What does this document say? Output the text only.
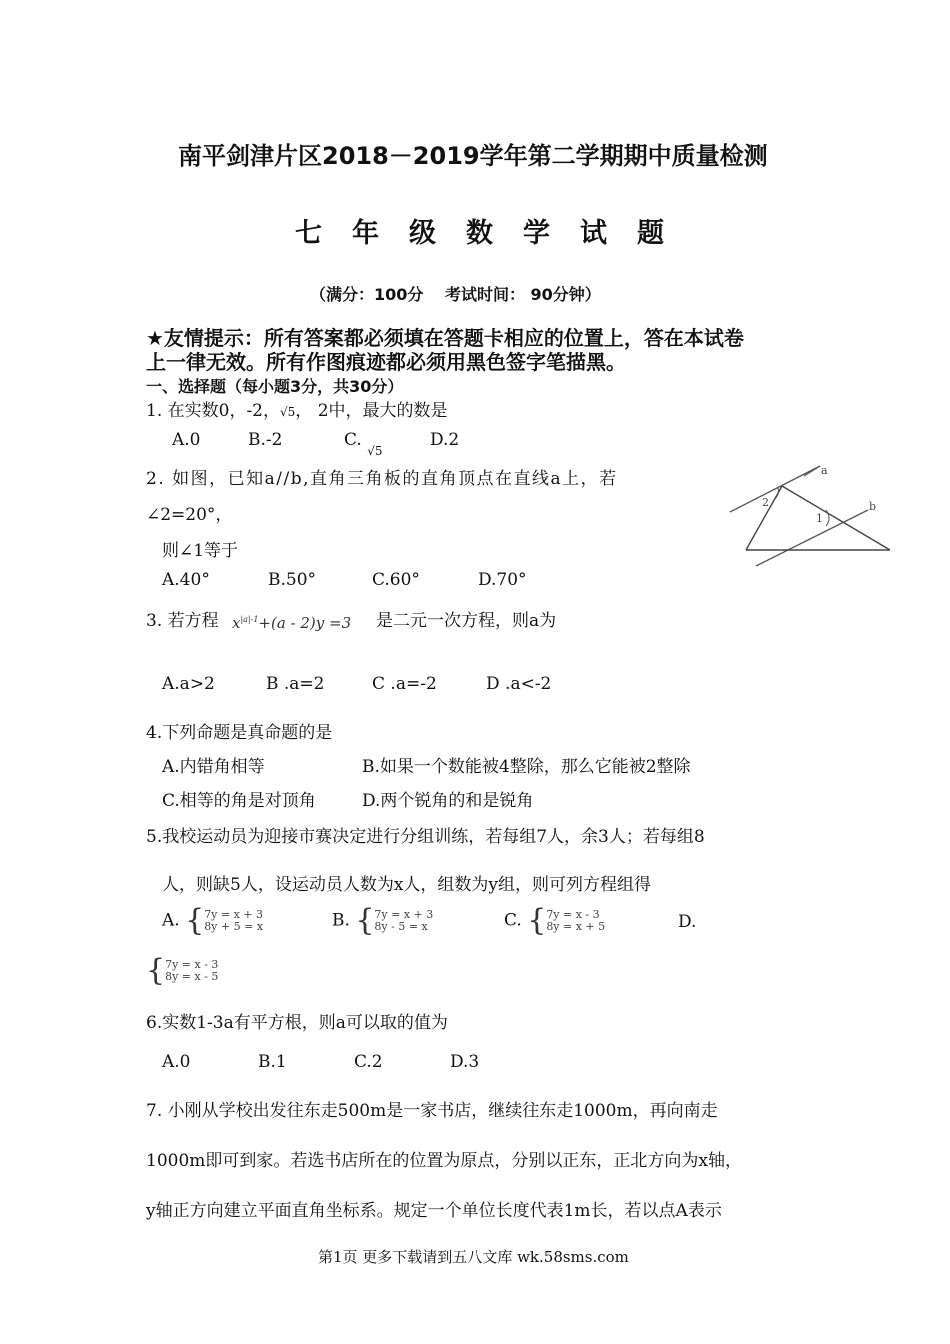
南平剑津片区2018－2019学年第二学期期中质量检测
七年级数学试题
（满分：100分　 考试时间： 90分钟）
★友情提示：所有答案都必须填在答题卡相应的位置上，答在本试卷
上一律无效。所有作图痕迹都必须用黑色签字笔描黑。
一、选择题（每小题3分，共30分）
1. 在实数0，-2，√5， 2中，最大的数是
A.0	B.-2	C. $_{√5}$
D.2
2. 如图，已知a//b,直角三角板的直角顶点在直线a上，若
∠2=20°，
则∠1等于
A.40°	B.50°	C.60°	D.70°
a
b
1
2
3. 若方程 $x^{|a|-1}+(a - 2)y =3$ 是二元一次方程，则a为
A.a>2	B .a=2	C .a=-2	D .a<-2
4.下列命题是真命题的是
A.内错角相等	B.如果一个数能被4整除，那么它能被2整除
C.相等的角是对顶角	D.两个锐角的和是锐角
5.我校运动员为迎接市赛决定进行分组训练，若每组7人，余3人；若每组8
人，则缺5人，设运动员人数为x人，组数为y组，则可列方程组得
A. { 7y = x + 3
8y + 5 = x	B. { 7y = x + 3
8y - 5 = x	C. { 7y = x - 3
8y = x + 5	D.
{ 7y = x - 3
8y = x - 5
6.实数1-3a有平方根，则a可以取的值为
A.0	B.1	C.2	D.3
7. 小刚从学校出发往东走500m是一家书店，继续往东走1000m，再向南走
1000m即可到家。若选书店所在的位置为原点，分别以正东，正北方向为x轴，
y轴正方向建立平面直角坐标系。规定一个单位长度代表1m长，若以点A表示
第1页 更多下载请到五八文库 wk.58sms.com
